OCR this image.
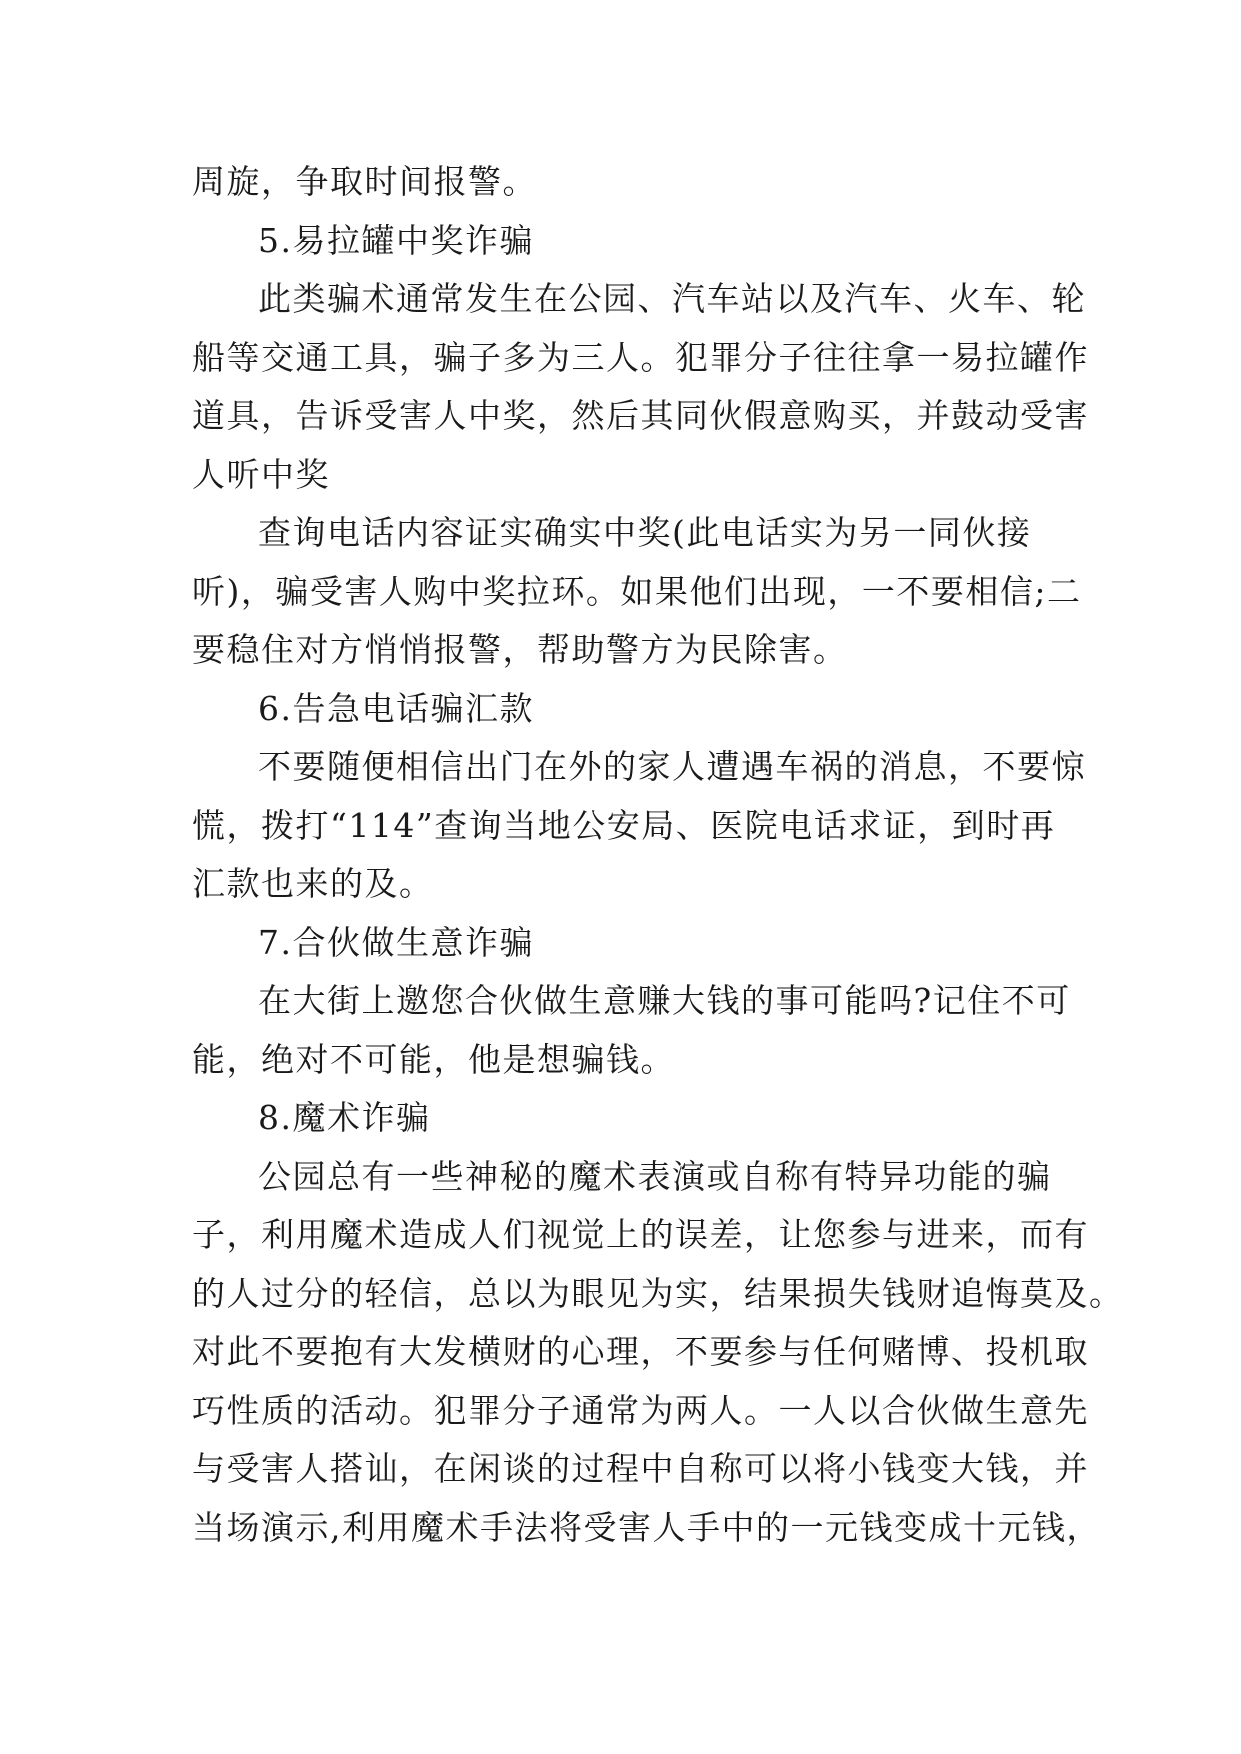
周旋，争取时间报警。
5.易拉罐中奖诈骗
此类骗术通常发生在公园、汽车站以及汽车、火车、轮
船等交通工具，骗子多为三人。犯罪分子往往拿一易拉罐作
道具，告诉受害人中奖，然后其同伙假意购买，并鼓动受害
人听中奖
查询电话内容证实确实中奖(此电话实为另一同伙接
听)，骗受害人购中奖拉环。如果他们出现，一不要相信;二
要稳住对方悄悄报警，帮助警方为民除害。
6.告急电话骗汇款
不要随便相信出门在外的家人遭遇车祸的消息，不要惊
慌，拨打“114”查询当地公安局、医院电话求证，到时再
汇款也来的及。
7.合伙做生意诈骗
在大街上邀您合伙做生意赚大钱的事可能吗?记住不可
能，绝对不可能，他是想骗钱。
8.魔术诈骗
公园总有一些神秘的魔术表演或自称有特异功能的骗
子，利用魔术造成人们视觉上的误差，让您参与进来，而有
的人过分的轻信，总以为眼见为实，结果损失钱财追悔莫及。
对此不要抱有大发横财的心理，不要参与任何赌博、投机取
巧性质的活动。犯罪分子通常为两人。一人以合伙做生意先
与受害人搭讪，在闲谈的过程中自称可以将小钱变大钱，并
当场演示,利用魔术手法将受害人手中的一元钱变成十元钱，
